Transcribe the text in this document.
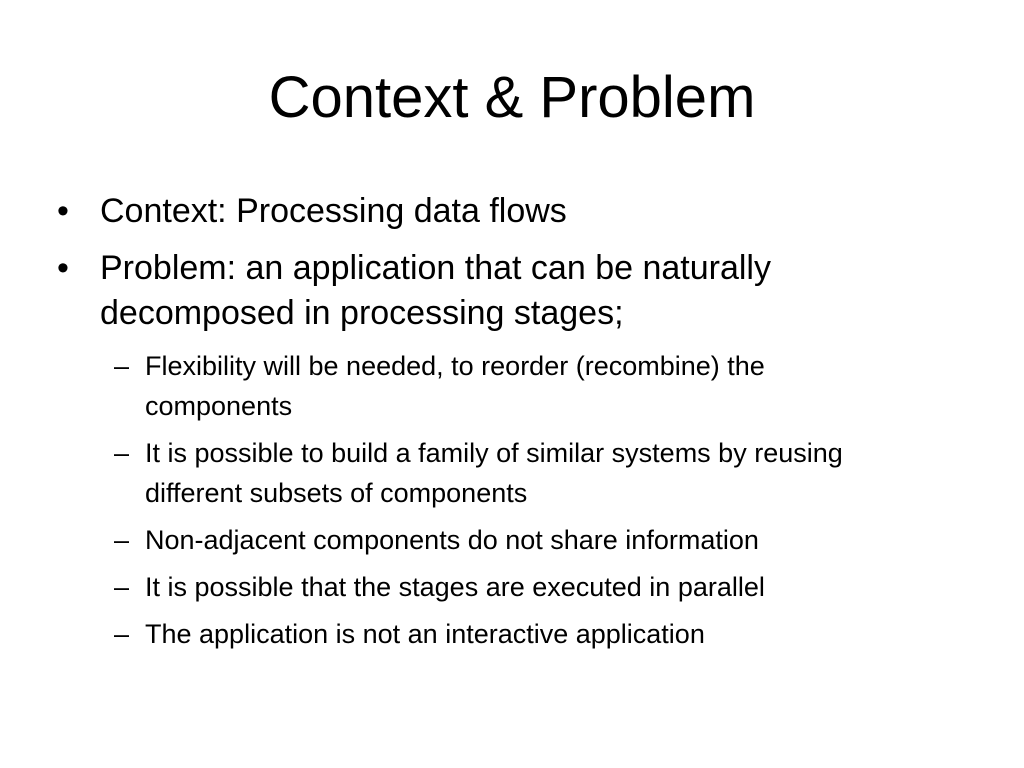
Context & Problem
• Context: Processing data flows
• Problem: an application that can be naturally decomposed in processing stages;
– Flexibility will be needed, to reorder (recombine) the components
– It is possible to build a family of similar systems by reusing different subsets of components
– Non-adjacent components do not share information
– It is possible that the stages are executed in parallel
– The application is not an interactive application
